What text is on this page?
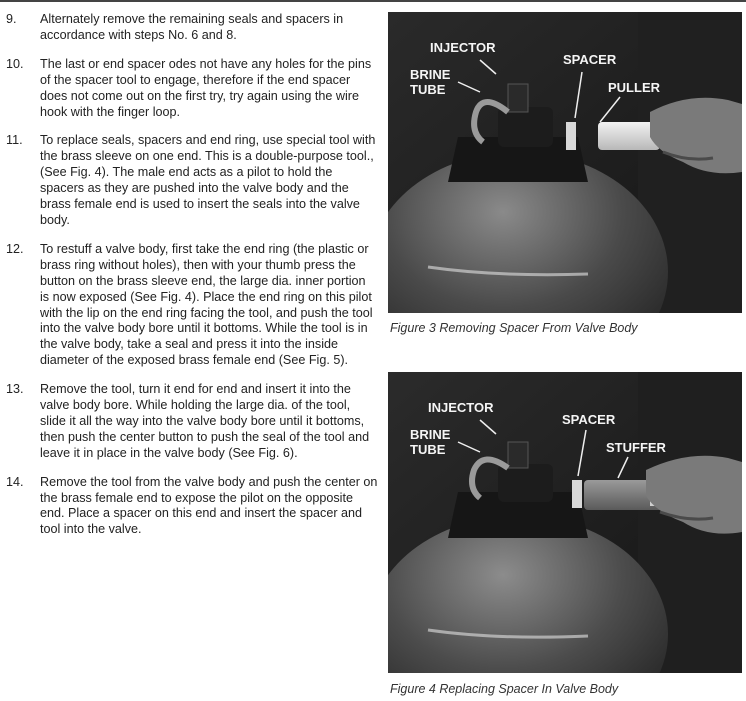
9.	Alternately remove the remaining seals and spacers in accordance with steps No. 6 and 8.
10.	The last or end spacer odes not have any holes for the pins of the spacer tool to engage, therefore if the end spacer does not come out on the first try, try again using the wire hook with the finger loop.
11.	To replace seals, spacers and end ring, use special tool with the brass sleeve on one end. This is a double-purpose tool., (See Fig. 4). The male end acts as a pilot to hold the spacers as they are pushed into the valve body and the brass female end is used to insert the seals into the valve body.
12.	To restuff a valve body, first take the end ring (the plastic or brass ring without holes), then with your thumb press the button on the brass sleeve end, the large dia. inner portion is now exposed (See Fig. 4). Place the end ring on this pilot with the lip on the end ring facing the tool, and push the tool into the valve body bore until it bottoms. While the tool is in the valve body, take a seal and press it into the inside diameter of the exposed brass female end (See Fig. 5).
13.	Remove the tool, turn it end for end and insert it into the valve body bore. While holding the large dia. of the tool, slide it all the way into the valve body bore until it bottoms, then push the center button to push the seal of the tool and leave it in place in the valve body (See Fig. 6).
14.	Remove the tool from the valve body and push the center on the brass female end to expose the pilot on the opposite end. Place a spacer on this end and insert the spacer and tool into the valve.
INJECTOR
BRINE
TUBE
SPACER
PULLER
Figure 3 Removing Spacer From Valve Body
INJECTOR
BRINE
TUBE
SPACER
STUFFER
Figure 4 Replacing Spacer In Valve Body
